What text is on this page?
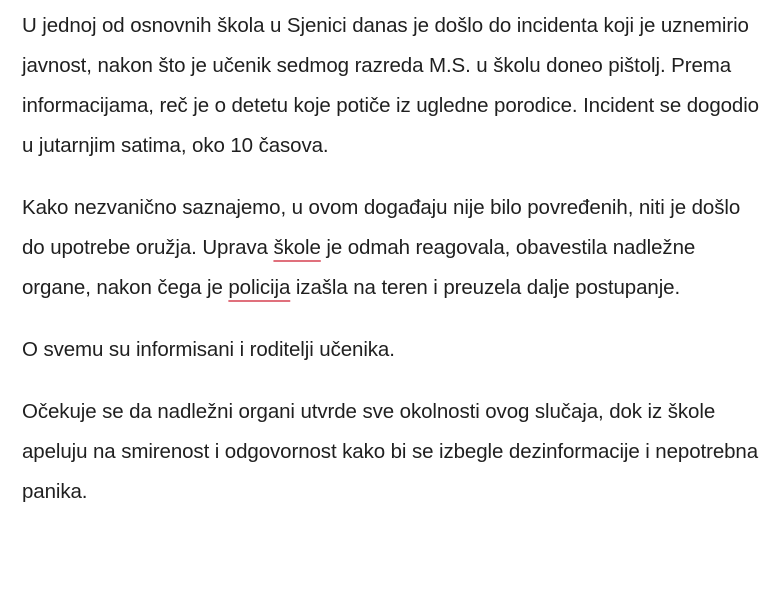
U jednoj od osnovnih škola u Sjenici danas je došlo do incidenta koji je uznemirio javnost, nakon što je učenik sedmog razreda M.S. u školu doneo pištolj. Prema informacijama, reč je o detetu koje potiče iz ugledne porodice. Incident se dogodio u jutarnjim satima, oko 10 časova.

Kako nezvanično saznajemo, u ovom događaju nije bilo povređenih, niti je došlo do upotrebe oružja. Uprava škole je odmah reagovala, obavestila nadležne organe, nakon čega je policija izašla na teren i preuzela dalje postupanje.

O svemu su informisani i roditelji učenika.

Očekuje se da nadležni organi utvrde sve okolnosti ovog slučaja, dok iz škole apeluju na smirenost i odgovornost kako bi se izbegle dezinformacije i nepotrebna panika.
